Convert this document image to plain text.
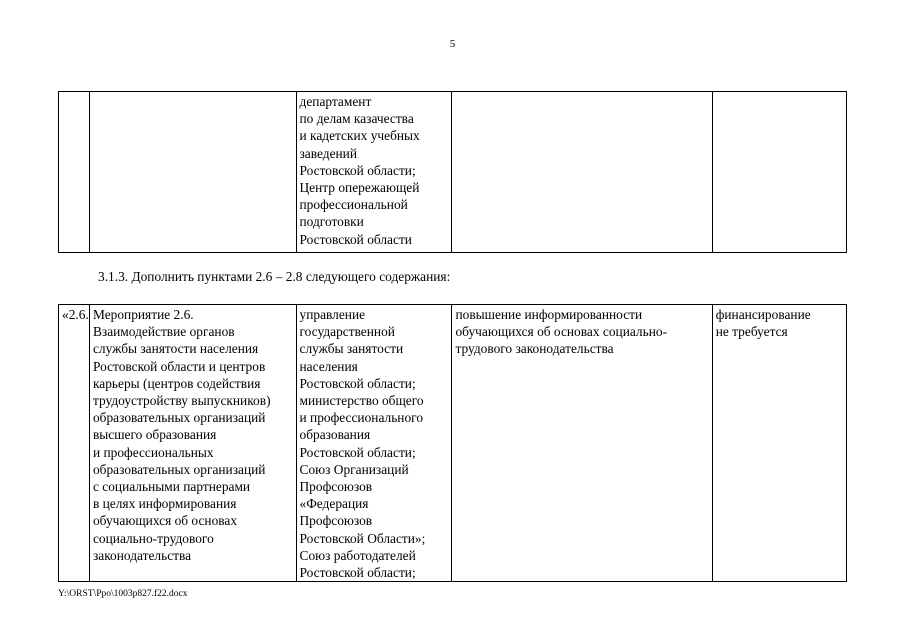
5
		департамент
по делам казачества
и кадетских учебных
заведений
Ростовской области;
Центр опережающей
профессиональной
подготовки
Ростовской области		
3.1.3. Дополнить пунктами 2.6 – 2.8 следующего содержания:
«2.6.	Мероприятие 2.6.
Взаимодействие органов
службы занятости населения
Ростовской области и центров
карьеры (центров содействия
трудоустройству выпускников)
образовательных организаций
высшего образования
и профессиональных
образовательных организаций
с социальными партнерами
в целях информирования
обучающихся об основах
социально-трудового
законодательства	управление
государственной
службы занятости
населения
Ростовской области;
министерство общего
и профессионального
образования
Ростовской области;
Союз Организаций
Профсоюзов
«Федерация
Профсоюзов
Ростовской Области»;
Союз работодателей
Ростовской области;	повышение информированности
обучающихся об основах социально-
трудового законодательства	финансирование
не требуется
Y:\ORST\Ppo\1003p827.f22.docx
